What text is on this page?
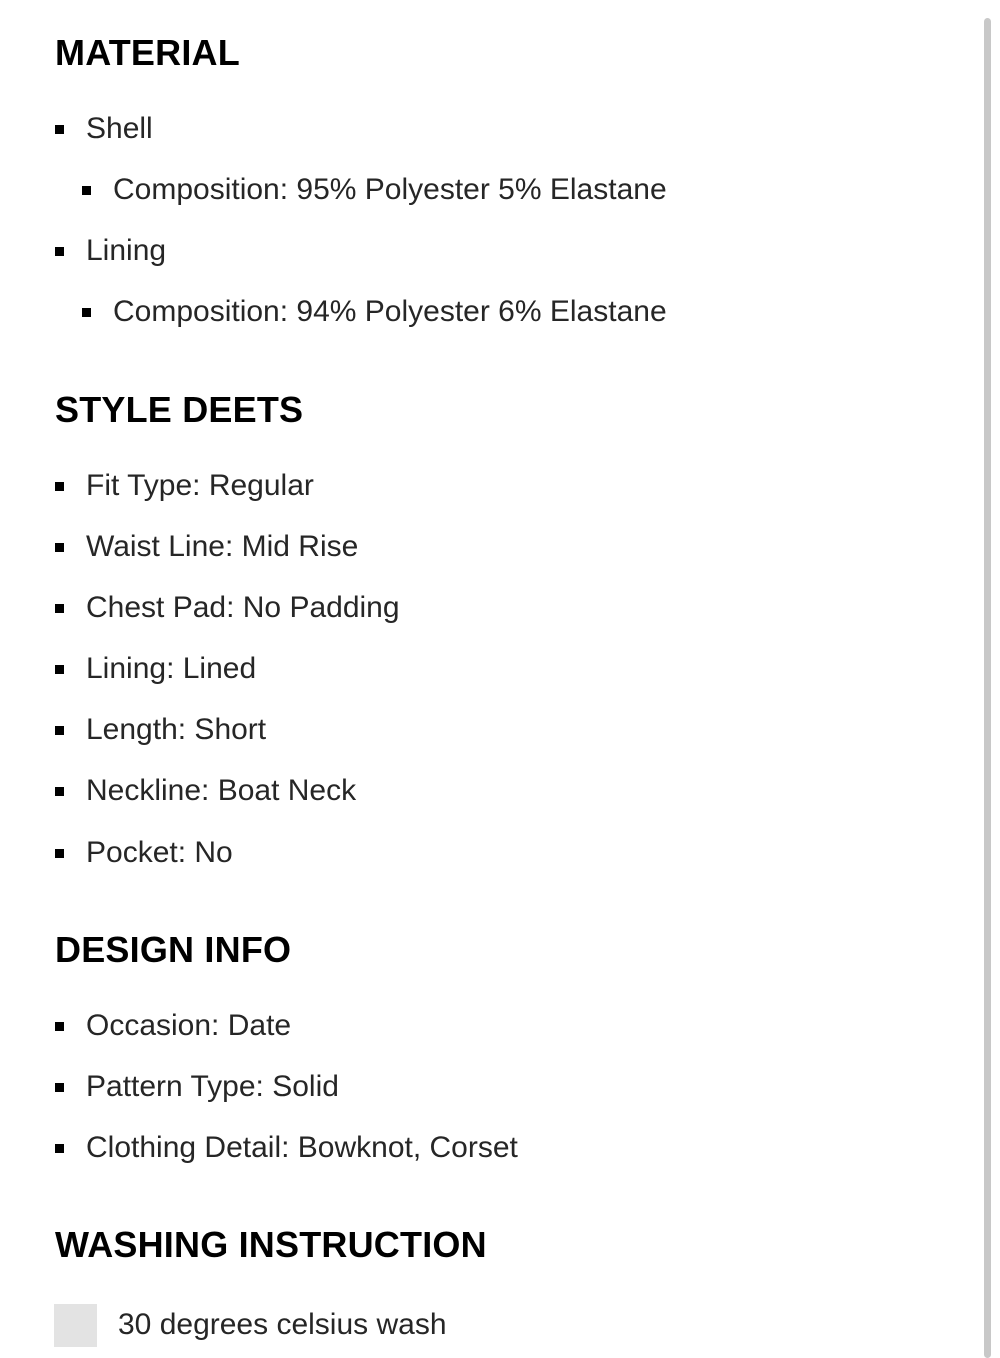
MATERIAL
Shell
Composition: 95% Polyester 5% Elastane
Lining
Composition: 94% Polyester 6% Elastane
STYLE DEETS
Fit Type: Regular
Waist Line: Mid Rise
Chest Pad: No Padding
Lining: Lined
Length: Short
Neckline: Boat Neck
Pocket: No
DESIGN INFO
Occasion: Date
Pattern Type: Solid
Clothing Detail: Bowknot, Corset
WASHING INSTRUCTION
30 degrees celsius wash
